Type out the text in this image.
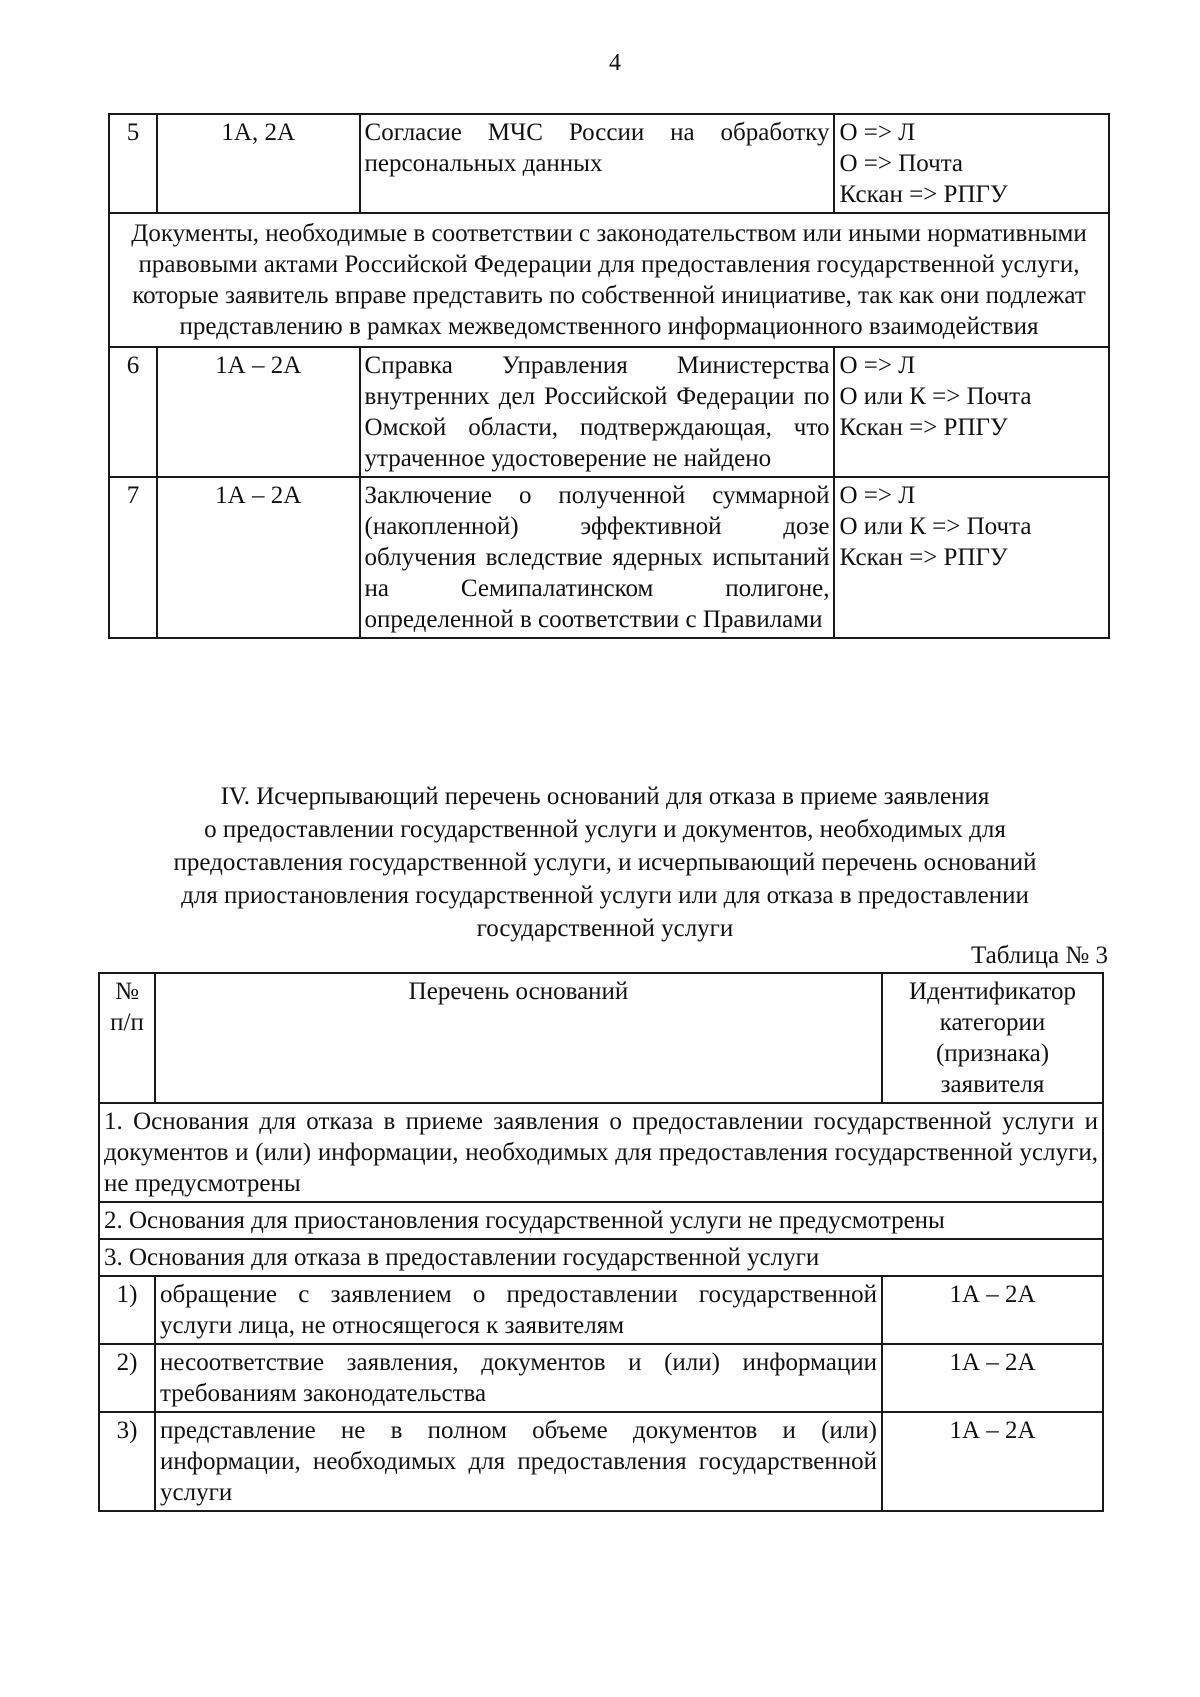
4
5	1А, 2А	Согласие МЧС России на обработку персональных данных	О => Л
О => Почта
Кскан => РПГУ

Документы, необходимые в соответствии с законодательством или иными нормативными правовыми актами Российской Федерации для предоставления государственной услуги, которые заявитель вправе представить по собственной инициативе, так как они подлежат представлению в рамках межведомственного информационного взаимодействия			
6	1А – 2А	Справка Управления Министерства внутренних дел Российской Федерации по Омской области, подтверждающая, что утраченное удостоверение не найдено	О => Л
О или К => Почта
Кскан => РПГУ

7	1А – 2А	Заключение о полученной суммарной (накопленной) эффективной дозе облучения вследствие ядерных испытаний на Семипалатинском полигоне, определенной в соответствии с Правилами	О => Л
О или К => Почта
Кскан => РПГУ
IV. Исчерпывающий перечень оснований для отказа в приеме заявления
о предоставлении государственной услуги и документов, необходимых для
предоставления государственной услуги, и исчерпывающий перечень оснований
для приостановления государственной услуги или для отказа в предоставлении
государственной услуги
Таблица № 3
№
п/п	Перечень оснований	Идентификатор категории (признака) заявителя
1. Основания для отказа в приеме заявления о предоставлении государственной услуги и документов и (или) информации, необходимых для предоставления государственной услуги, не предусмотрены		
2. Основания для приостановления государственной услуги не предусмотрены		
3. Основания для отказа в предоставлении государственной услуги		
1)	обращение с заявлением о предоставлении государственной услуги лица, не относящегося к заявителям	1А – 2А
2)	несоответствие заявления, документов и (или) информации требованиям законодательства	1А – 2А
3)	представление не в полном объеме документов и (или) информации, необходимых для предоставления государственной услуги	1А – 2А
